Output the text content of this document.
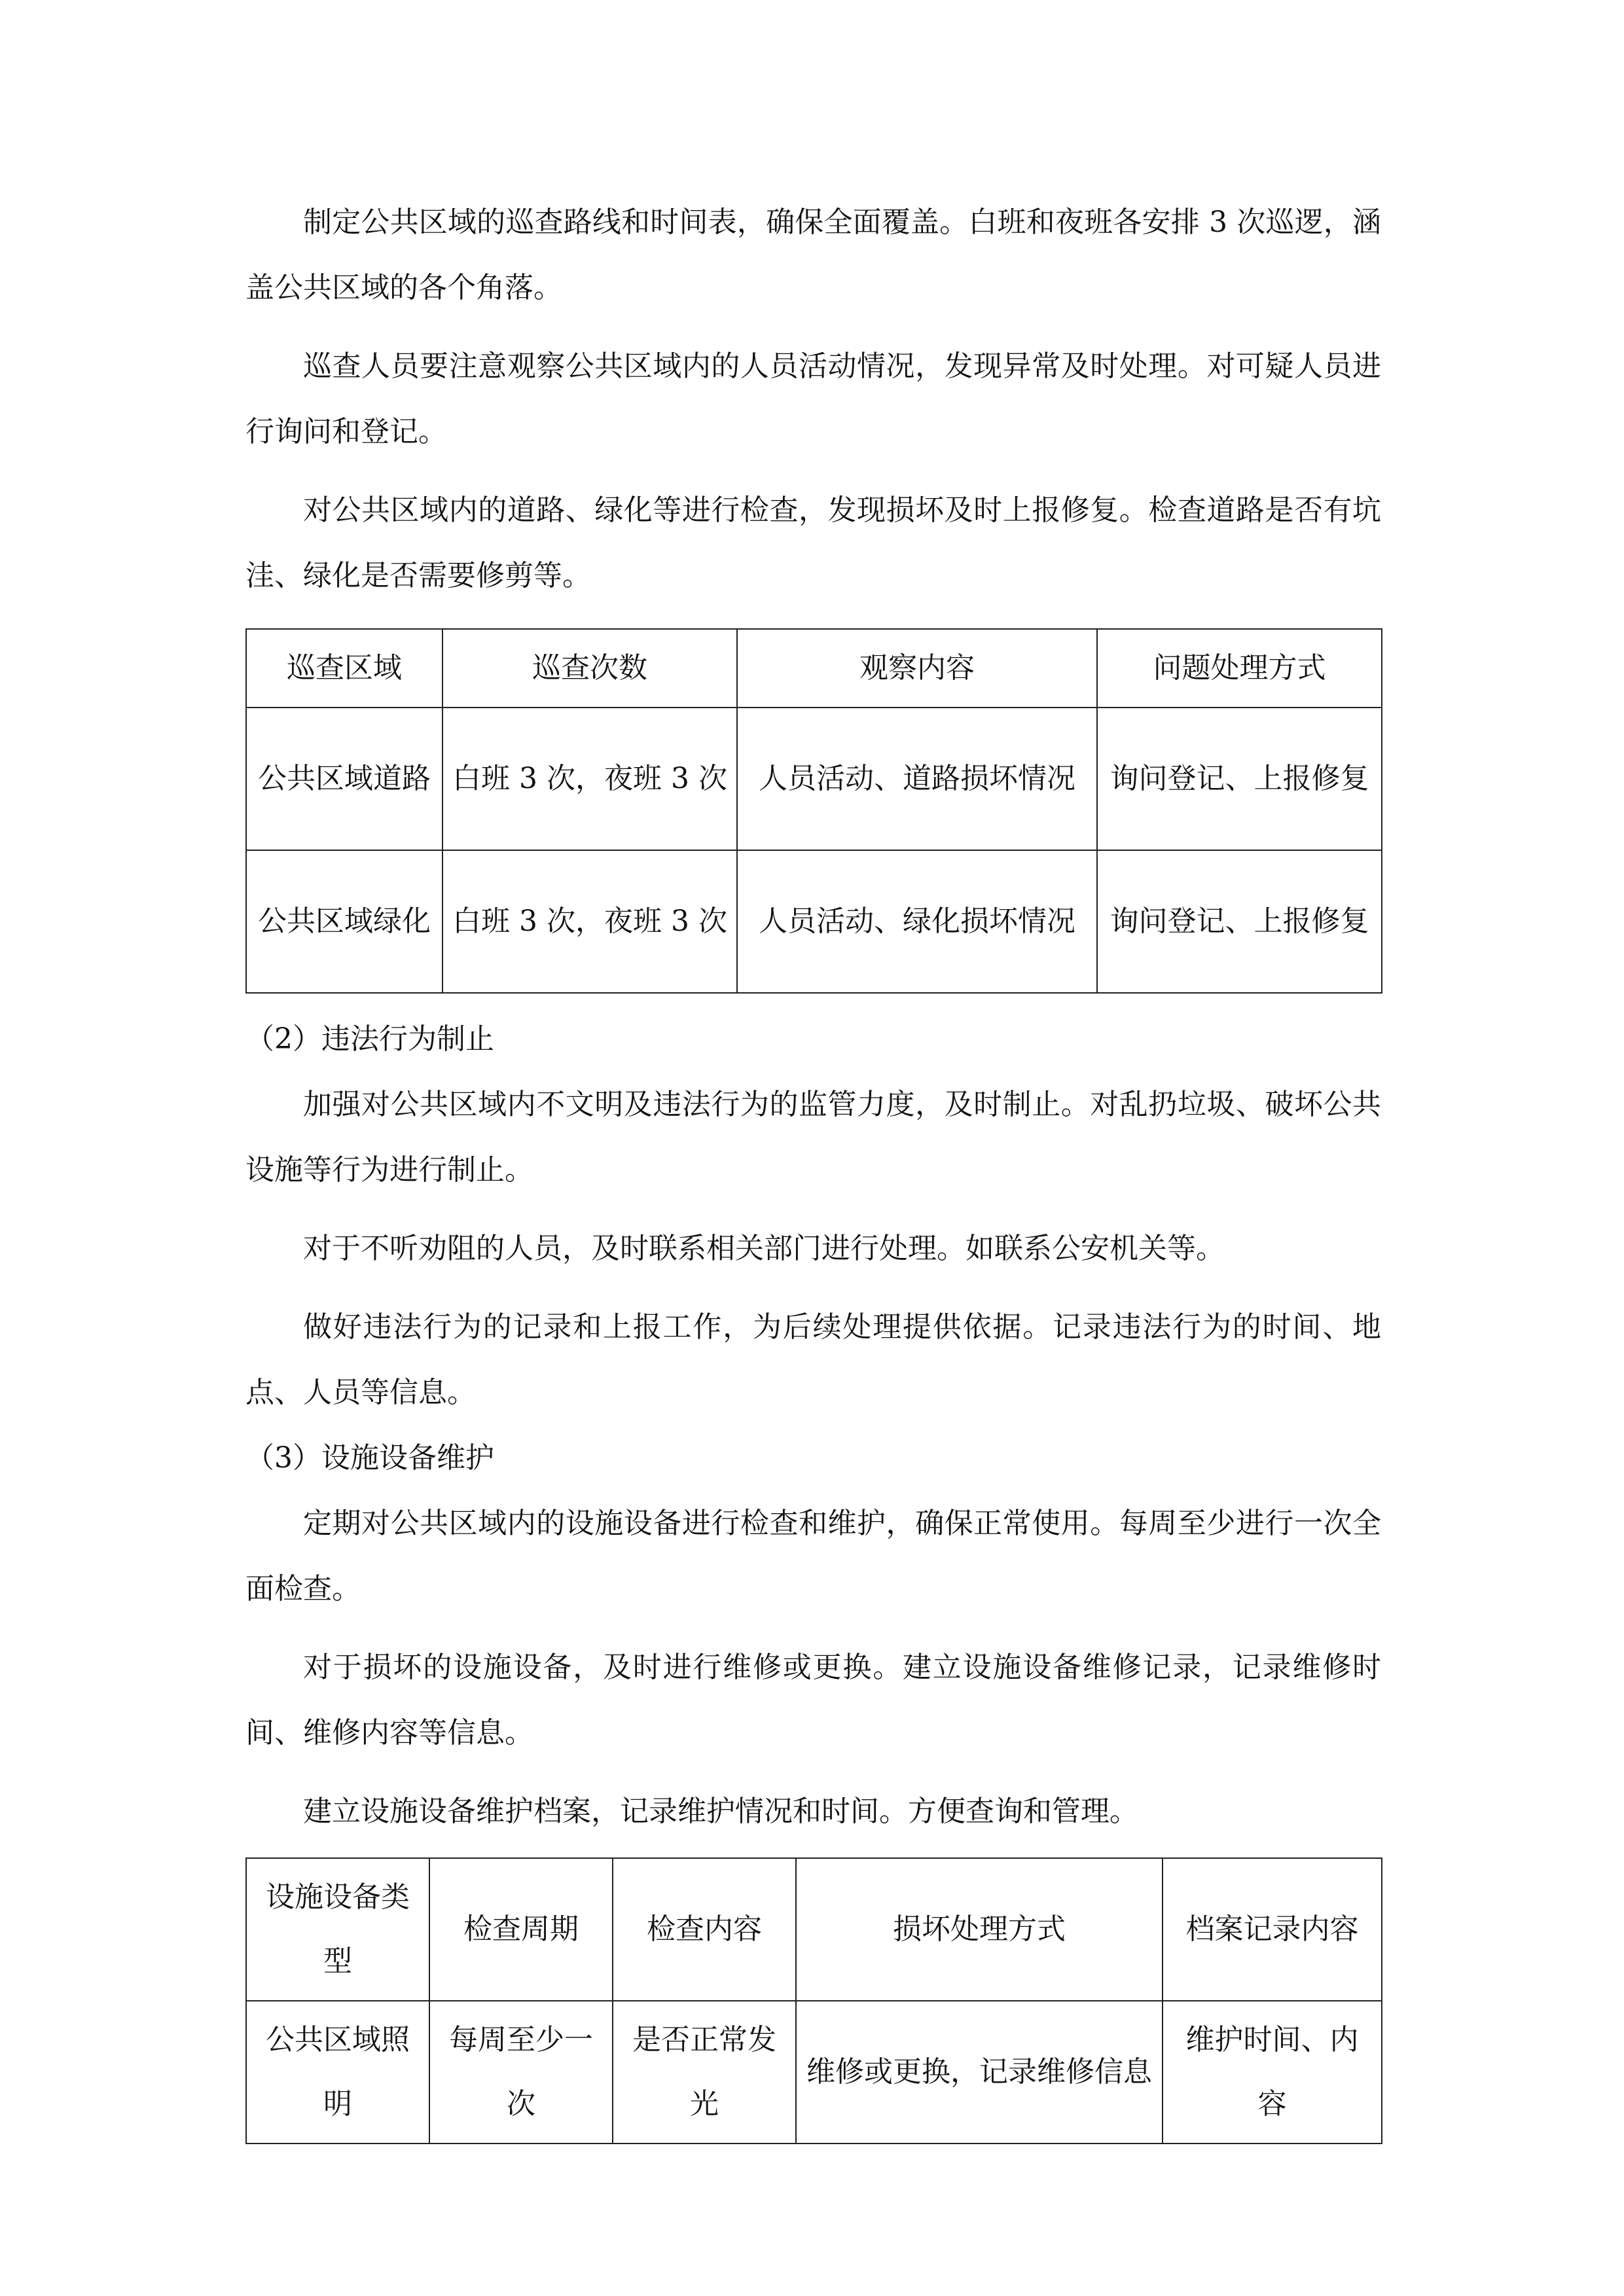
制定公共区域的巡查路线和时间表，确保全面覆盖。白班和夜班各安排 3 次巡逻，涵盖公共区域的各个角落。

巡查人员要注意观察公共区域内的人员活动情况，发现异常及时处理。对可疑人员进行询问和登记。

对公共区域内的道路、绿化等进行检查，发现损坏及时上报修复。检查道路是否有坑洼、绿化是否需要修剪等。

巡查区域	巡查次数	观察内容	问题处理方式
公共区域道路	白班 3 次，夜班 3 次	人员活动、道路损坏情况	询问登记、上报修复
公共区域绿化	白班 3 次，夜班 3 次	人员活动、绿化损坏情况	询问登记、上报修复

（2）违法行为制止

加强对公共区域内不文明及违法行为的监管力度，及时制止。对乱扔垃圾、破坏公共设施等行为进行制止。

对于不听劝阻的人员，及时联系相关部门进行处理。如联系公安机关等。

做好违法行为的记录和上报工作，为后续处理提供依据。记录违法行为的时间、地点、人员等信息。

（3）设施设备维护

定期对公共区域内的设施设备进行检查和维护，确保正常使用。每周至少进行一次全面检查。

对于损坏的设施设备，及时进行维修或更换。建立设施设备维修记录，记录维修时间、维修内容等信息。

建立设施设备维护档案，记录维护情况和时间。方便查询和管理。

设施设备类型	检查周期	检查内容	损坏处理方式	档案记录内容
公共区域照明	每周至少一次	是否正常发光	维修或更换，记录维修信息	维护时间、内容
